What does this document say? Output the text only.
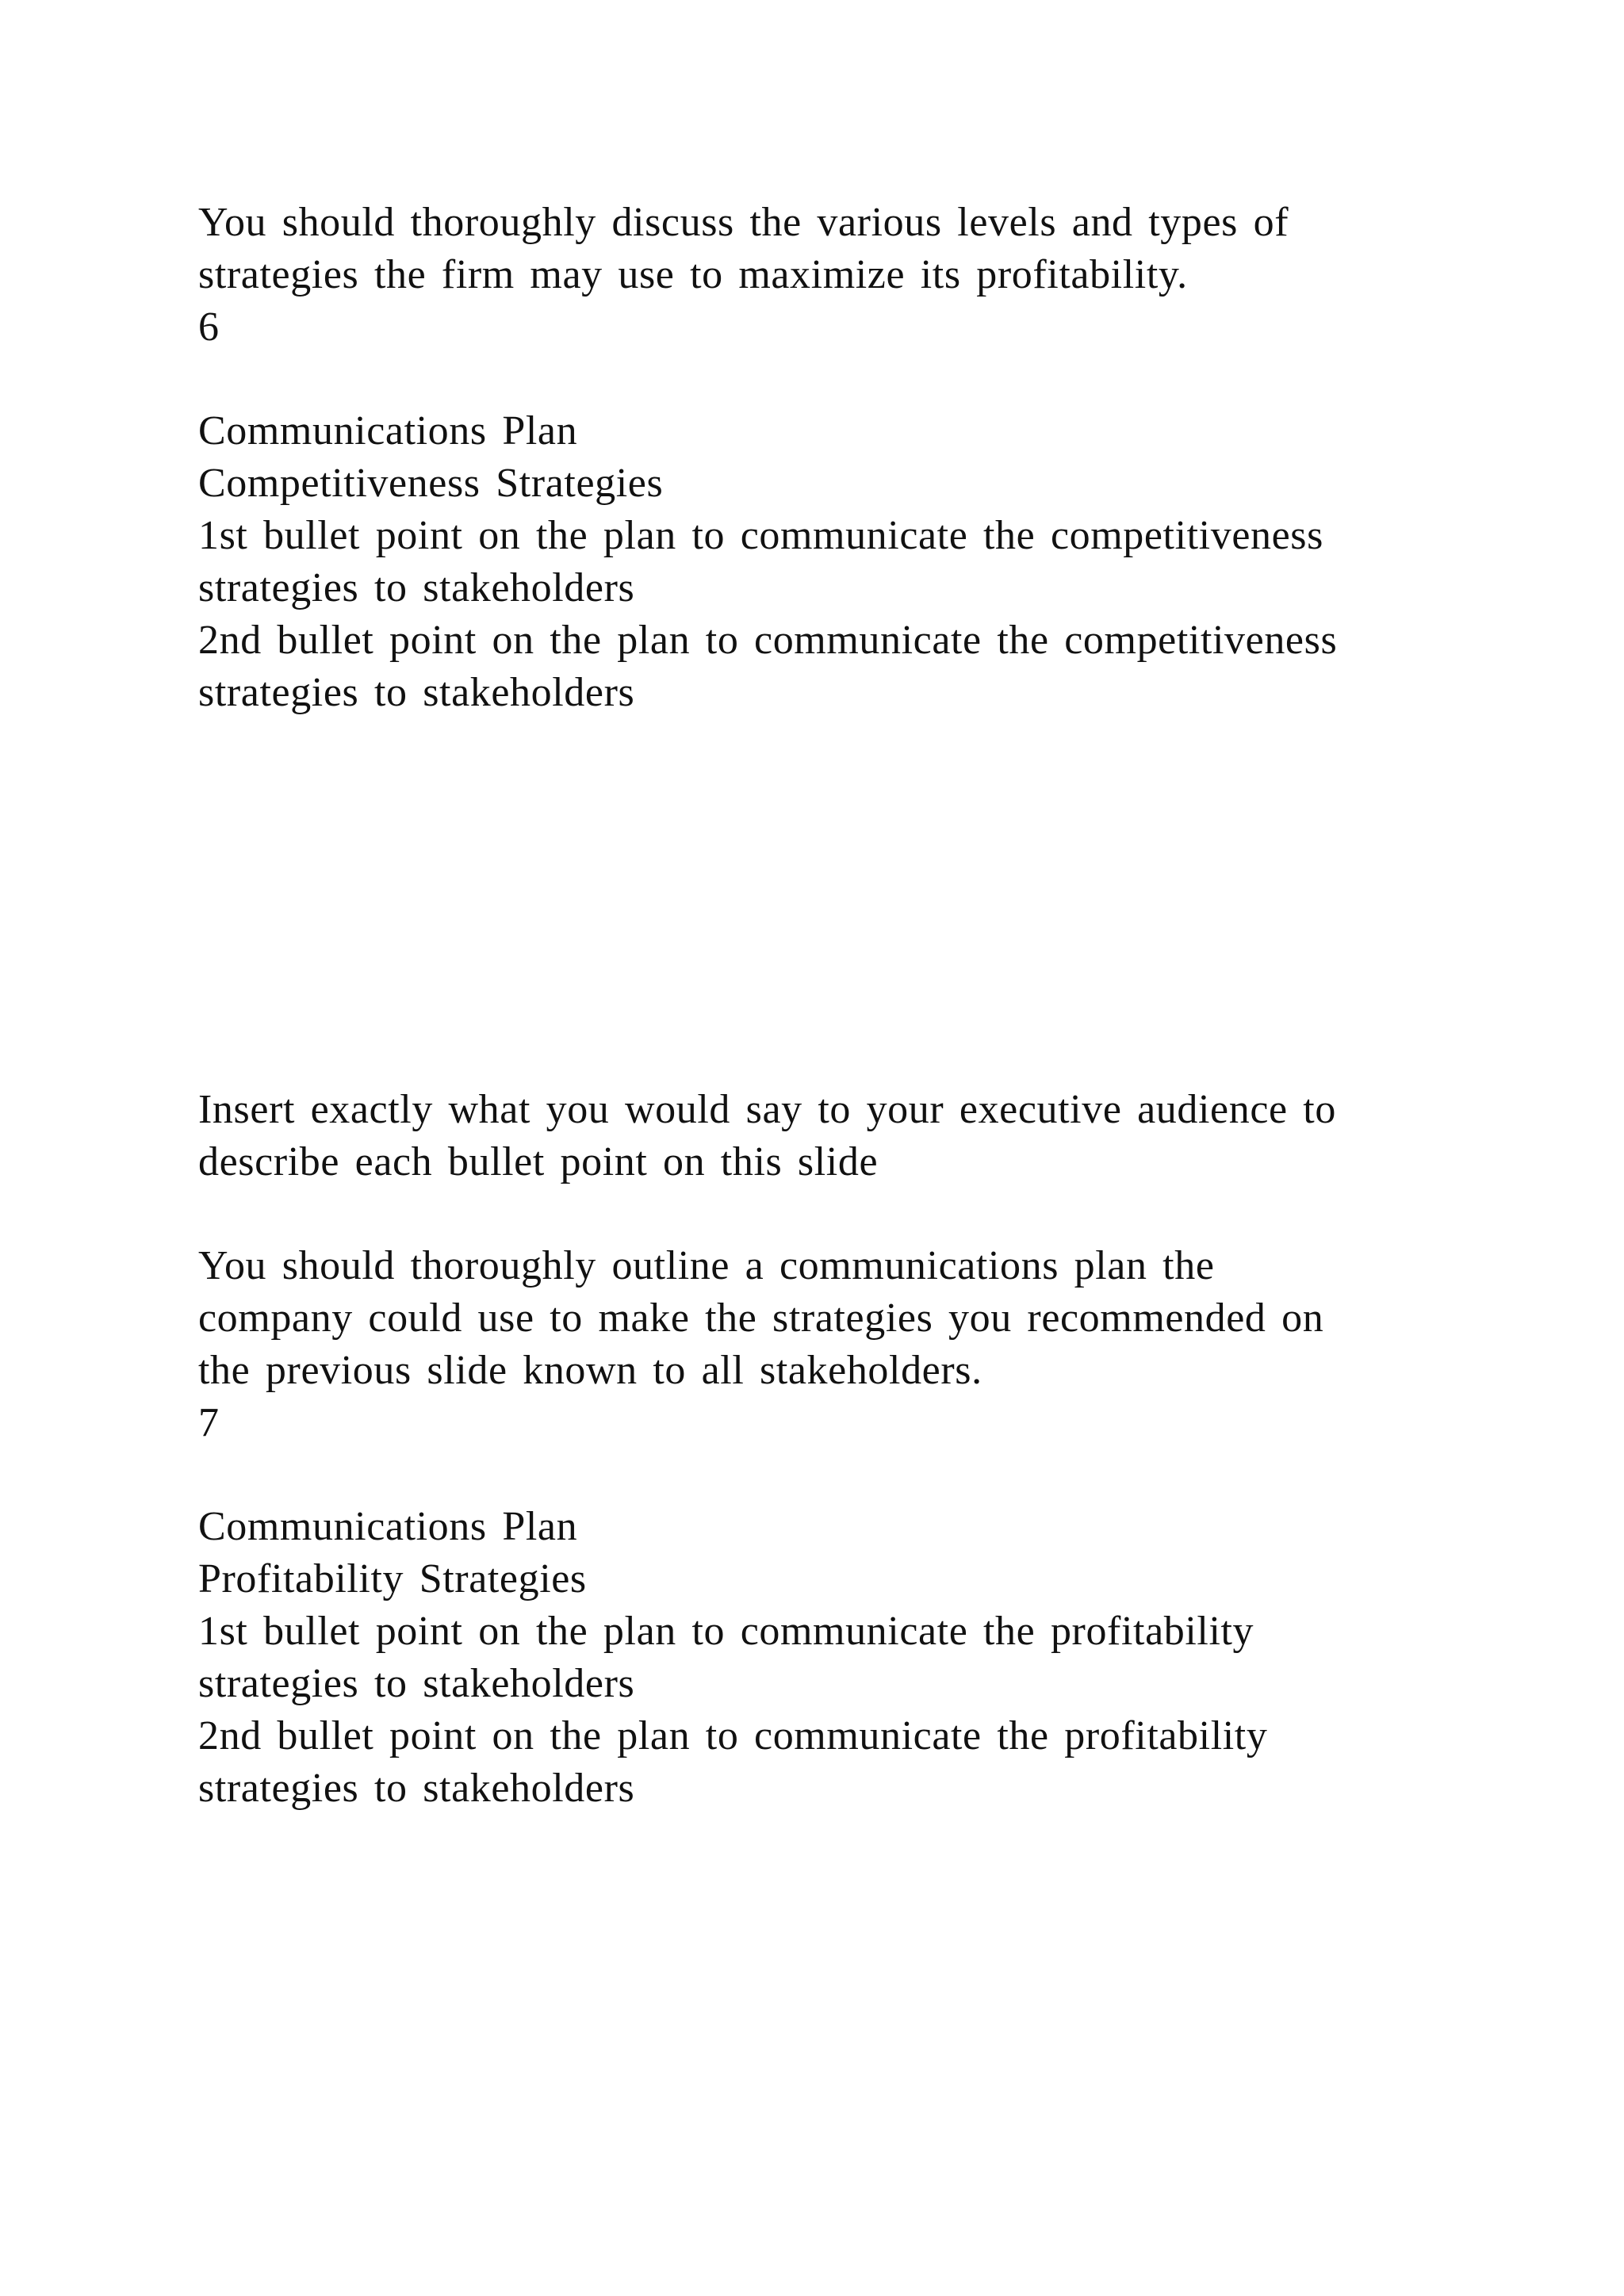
You should thoroughly discuss the various levels and types of

strategies the firm may use to maximize its profitability.

6

Communications Plan

Competitiveness Strategies

1st bullet point on the plan to communicate the competitiveness

strategies to stakeholders

2nd bullet point on the plan to communicate the competitiveness

strategies to stakeholders

Insert exactly what you would say to your executive audience to

describe each bullet point on this slide

You should thoroughly outline a communications plan the

company could use to make the strategies you recommended on

the previous slide known to all stakeholders.

7

Communications Plan

Profitability Strategies

1st bullet point on the plan to communicate the profitability

strategies to stakeholders

2nd bullet point on the plan to communicate the profitability

strategies to stakeholders
